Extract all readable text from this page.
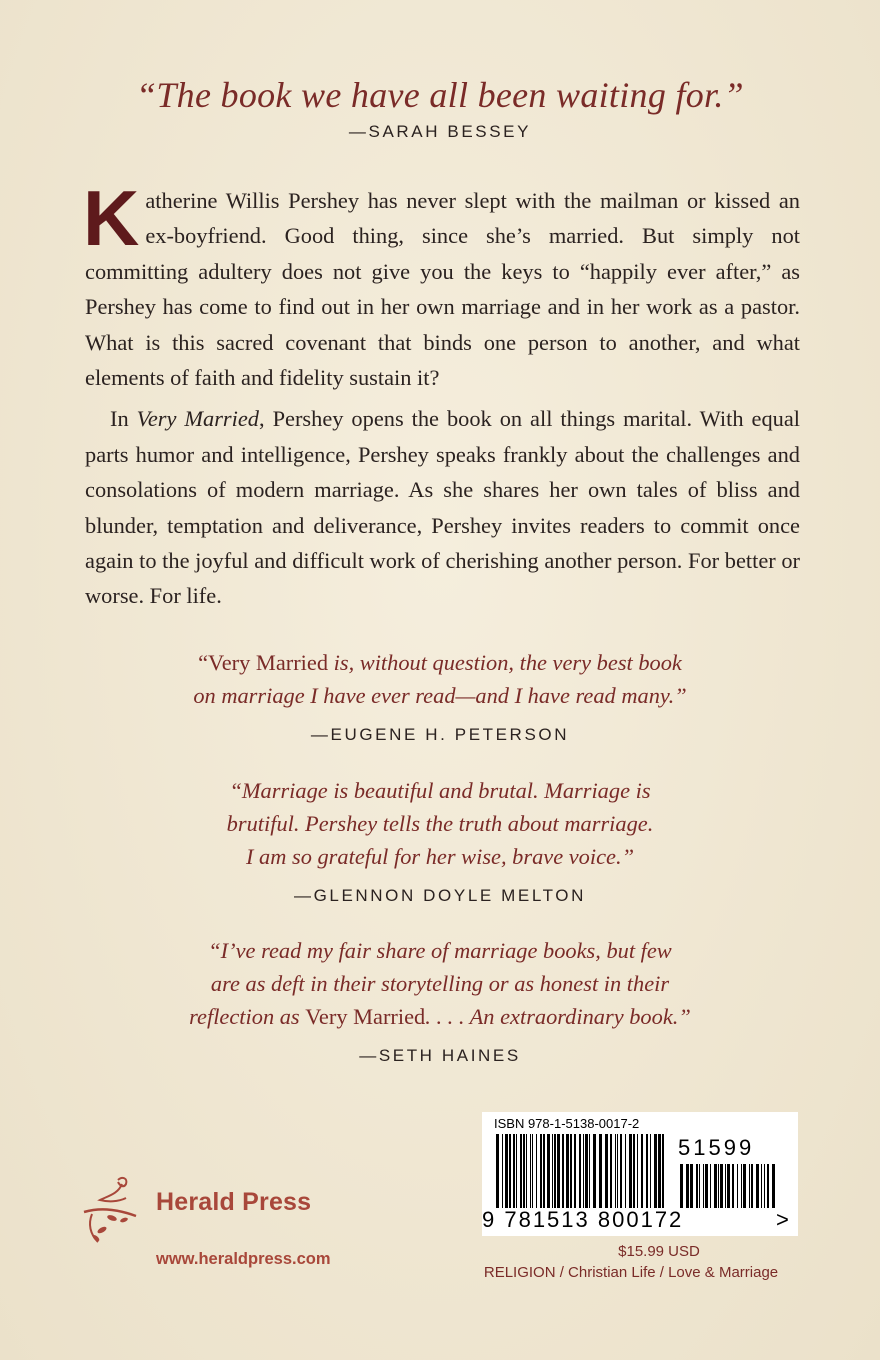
“The book we have all been waiting for.”
—SARAH BESSEY

Katherine Willis Pershey has never slept with the mailman or kissed an ex-boyfriend. Good thing, since she’s married. But simply not committing adultery does not give you the keys to “happily ever after,” as Pershey has come to find out in her own marriage and in her work as a pastor. What is this sacred covenant that binds one person to another, and what elements of faith and fidelity sustain it?

In Very Married, Pershey opens the book on all things marital. With equal parts humor and intelligence, Pershey speaks frankly about the challenges and consolations of modern marriage. As she shares her own tales of bliss and blunder, temptation and deliverance, Pershey invites readers to commit once again to the joyful and difficult work of cherishing another person. For better or worse. For life.

“Very Married is, without question, the very best book
on marriage I have ever read—and I have read many.”
—EUGENE H. PETERSON
“Marriage is beautiful and brutal. Marriage is
brutiful. Pershey tells the truth about marriage.
I am so grateful for her wise, brave voice.”
—GLENNON DOYLE MELTON
“I’ve read my fair share of marriage books, but few
are as deft in their storytelling or as honest in their
reflection as Very Married. . . . An extraordinary book.”
—SETH HAINES
Herald Press
www.heraldpress.com
ISBN 978-1-5138-0017-2
51599
9 781513 800172	>
$15.99 USD
RELIGION / Christian Life / Love & Marriage
